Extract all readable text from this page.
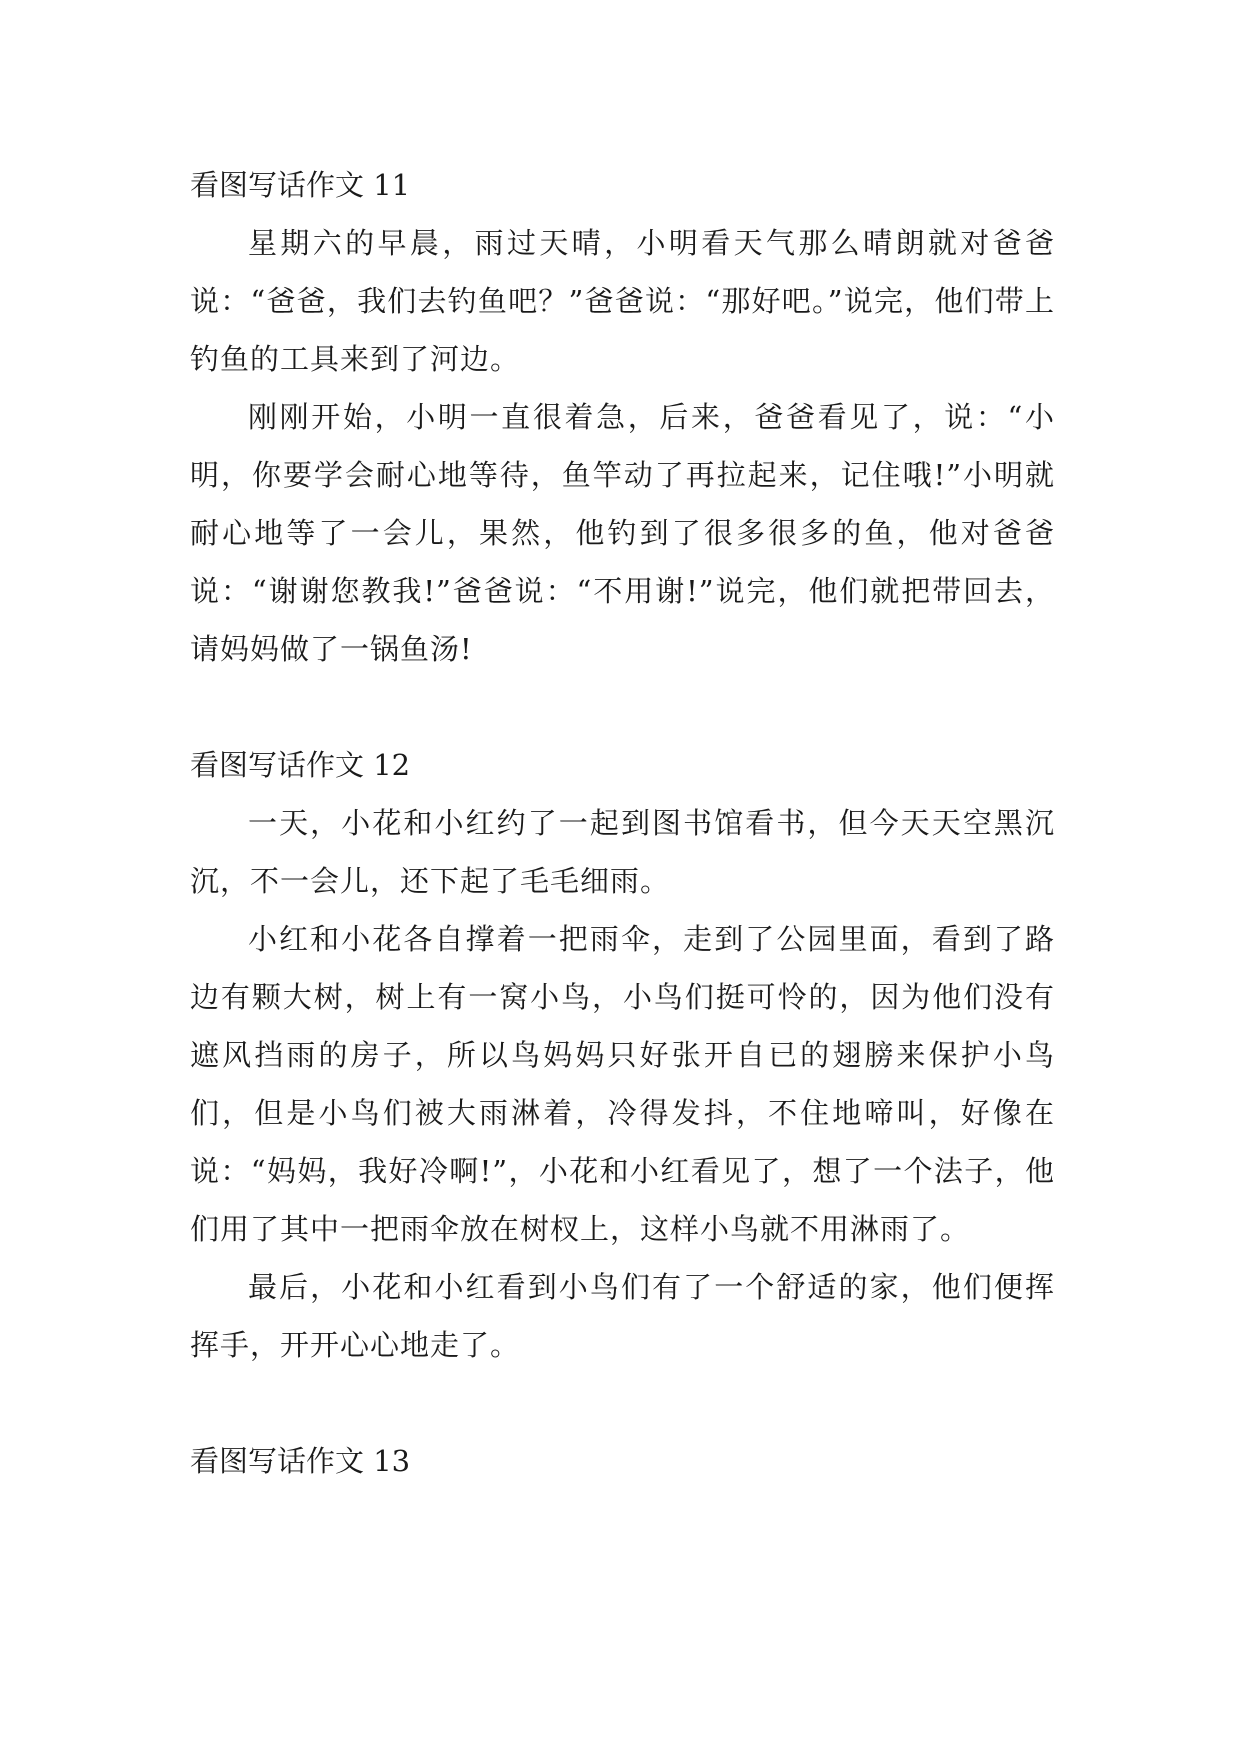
看图写话作文 11

星期六的早晨，雨过天晴，小明看天气那么晴朗就对爸爸说：“爸爸，我们去钓鱼吧？”爸爸说：“那好吧。”说完，他们带上钓鱼的工具来到了河边。

刚刚开始，小明一直很着急，后来，爸爸看见了，说：“小明，你要学会耐心地等待，鱼竿动了再拉起来，记住哦!”小明就耐心地等了一会儿，果然，他钓到了很多很多的鱼，他对爸爸说：“谢谢您教我!”爸爸说：“不用谢!”说完，他们就把带回去，请妈妈做了一锅鱼汤!

看图写话作文 12

一天，小花和小红约了一起到图书馆看书，但今天天空黑沉沉，不一会儿，还下起了毛毛细雨。

小红和小花各自撑着一把雨伞，走到了公园里面，看到了路边有颗大树，树上有一窝小鸟，小鸟们挺可怜的，因为他们没有遮风挡雨的房子，所以鸟妈妈只好张开自已的翅膀来保护小鸟们，但是小鸟们被大雨淋着，冷得发抖，不住地啼叫，好像在说：“妈妈，我好冷啊!”，小花和小红看见了，想了一个法子，他们用了其中一把雨伞放在树杈上，这样小鸟就不用淋雨了。

最后，小花和小红看到小鸟们有了一个舒适的家，他们便挥挥手，开开心心地走了。

看图写话作文 13
